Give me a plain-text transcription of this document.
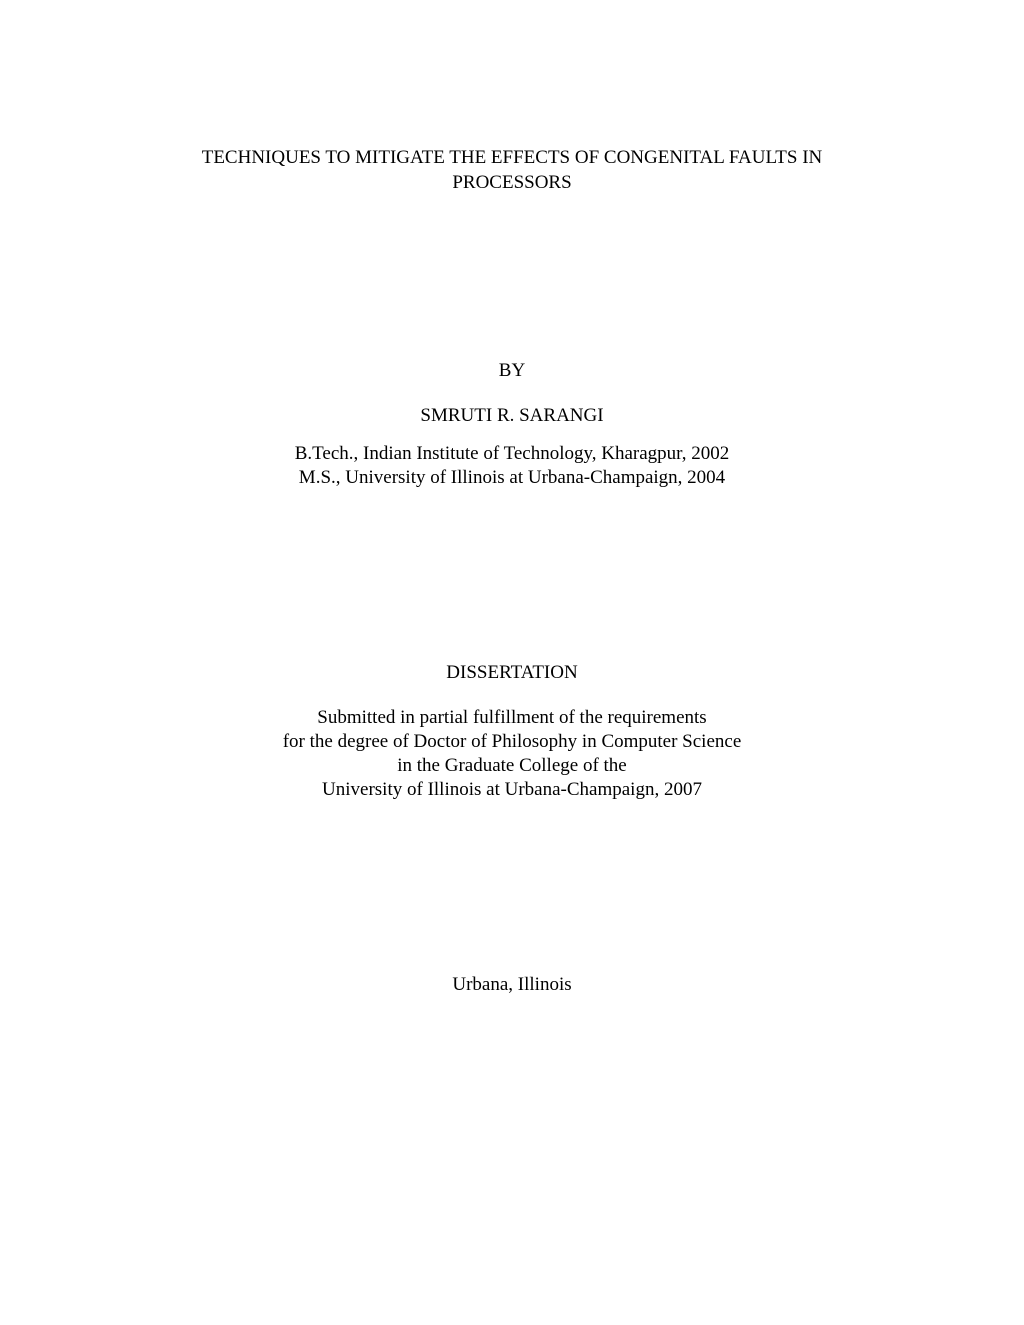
TECHNIQUES TO MITIGATE THE EFFECTS OF CONGENITAL FAULTS IN
PROCESSORS
BY
SMRUTI R. SARANGI
B.Tech., Indian Institute of Technology, Kharagpur, 2002
M.S., University of Illinois at Urbana-Champaign, 2004
DISSERTATION
Submitted in partial fulfillment of the requirements
for the degree of Doctor of Philosophy in Computer Science
in the Graduate College of the
University of Illinois at Urbana-Champaign, 2007
Urbana, Illinois
